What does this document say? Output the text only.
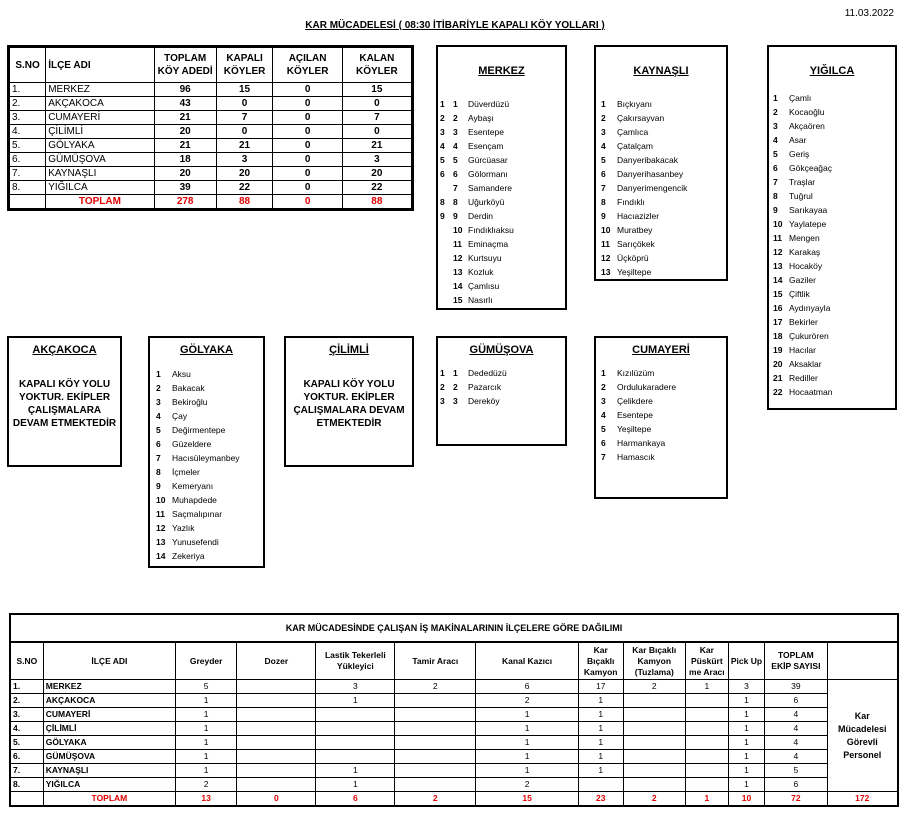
11.03.2022
KAR MÜCADELESİ ( 08:30 İTİBARİYLE KAPALI KÖY YOLLARI )
S.NO	İLÇE ADI	TOPLAM KÖY ADEDİ	KAPALI KÖYLER	AÇILAN KÖYLER	KALAN KÖYLER
1.	MERKEZ	96	15	0	15
2.	AKÇAKOCA	43	0	0	0
3.	CUMAYERİ	21	7	0	7
4.	ÇİLİMLİ	20	0	0	0
5.	GÖLYAKA	21	21	0	21
6.	GÜMÜŞOVA	18	3	0	3
7.	KAYNAŞLI	20	20	0	20
8.	YIĞILCA	39	22	0	22
	TOPLAM	278	88	0	88
MERKEZ
1 1	Düverdüzü
2 2	Aybaşı
3 3	Esentepe
4 4	Esençam
5 5	Gürcüasar
6 6	Gölormanı
7	Samandere
8 8	Uğurköyü
9 9	Derdin
10 Fındıklıaksu
11 Eminaçma
12 Kurtsuyu
13 Kozluk
14 Çamlısu
15 Nasırlı
KAYNAŞLI
1	Bıçkıyanı
2	Çakırsayvan
3	Çamlıca
4	Çatalçam
5	Danyeribakacak
6	Danyerihasanbey
7	Danyerimengencik
8	Fındıklı
9	Hacıazizler
10 Muratbey
11 Sarıçökek
12 Üçköprü
13 Yeşiltepe
YIĞILCA
1	Çamlı
2	Kocaoğlu
3	Akçaören
4	Asar
5	Geriş
6	Gökçeağaç
7	Traşlar
8	Tuğrul
9	Sarıkayaa
10 Yaylatepe
11 Mengen
12 Karakaş
13 Hocaköy
14 Gaziler
15 Çiftlik
16 Aydınyayla
17 Bekirler
18 Çukurören
19 Hacılar
20 Aksaklar
21 Rediller
22 Hocaatman
AKÇAKOCA
KAPALI KÖY YOLU YOKTUR. EKİPLER ÇALIŞMALARA DEVAM ETMEKTEDİR
GÖLYAKA
1	Aksu
2	Bakacak
3	Bekiroğlu
4	Çay
5	Değirmentepe
6	Güzeldere
7	Hacısüleymanbey
8	İçmeler
9	Kemeryanı
10 Muhapdede
11 Saçmalıpınar
12 Yazlık
13 Yunusefendi
14 Zekeriya
ÇİLİMLİ
KAPALI KÖY YOLU YOKTUR. EKİPLER ÇALIŞMALARA DEVAM ETMEKTEDİR
GÜMÜŞOVA
1 1	Dededüzü
2 2	Pazarcık
3 3	Dereköy
CUMAYERİ
1	Kızılüzüm
2	Ordulukaradere
3	Çelikdere
4	Esentepe
5	Yeşiltepe
6	Harmankaya
7	Hamascık
KAR MÜCADESİNDE ÇALIŞAN İŞ MAKİNALARININ İLÇELERE GÖRE DAĞILIMI
S.NO	İLÇE ADI	Greyder	Dozer	Lastik Tekerleli Yükleyici	Tamir Aracı	Kanal Kazıcı	Kar Bıçaklı Kamyon	Kar Bıçaklı Kamyon (Tuzlama)	Kar Püskürt me Aracı	Pick Up	TOPLAM EKİP SAYISI	
1.	MERKEZ	5		3	2	6	17	2	1	3	39	Kar Mücadelesi Görevli Personel
2.	AKÇAKOCA	1		1		2	1			1	6	
3.	CUMAYERİ	1				1	1			1	4	
4.	ÇİLİMLİ	1				1	1			1	4	
5.	GÖLYAKA	1				1	1			1	4	
6.	GÜMÜŞOVA	1				1	1			1	4	
7.	KAYNAŞLI	1		1		1	1			1	5	
8.	YIĞILCA	2		1		2				1	6	
	TOPLAM	13	0	6	2	15	23	2	1	10	72	172
